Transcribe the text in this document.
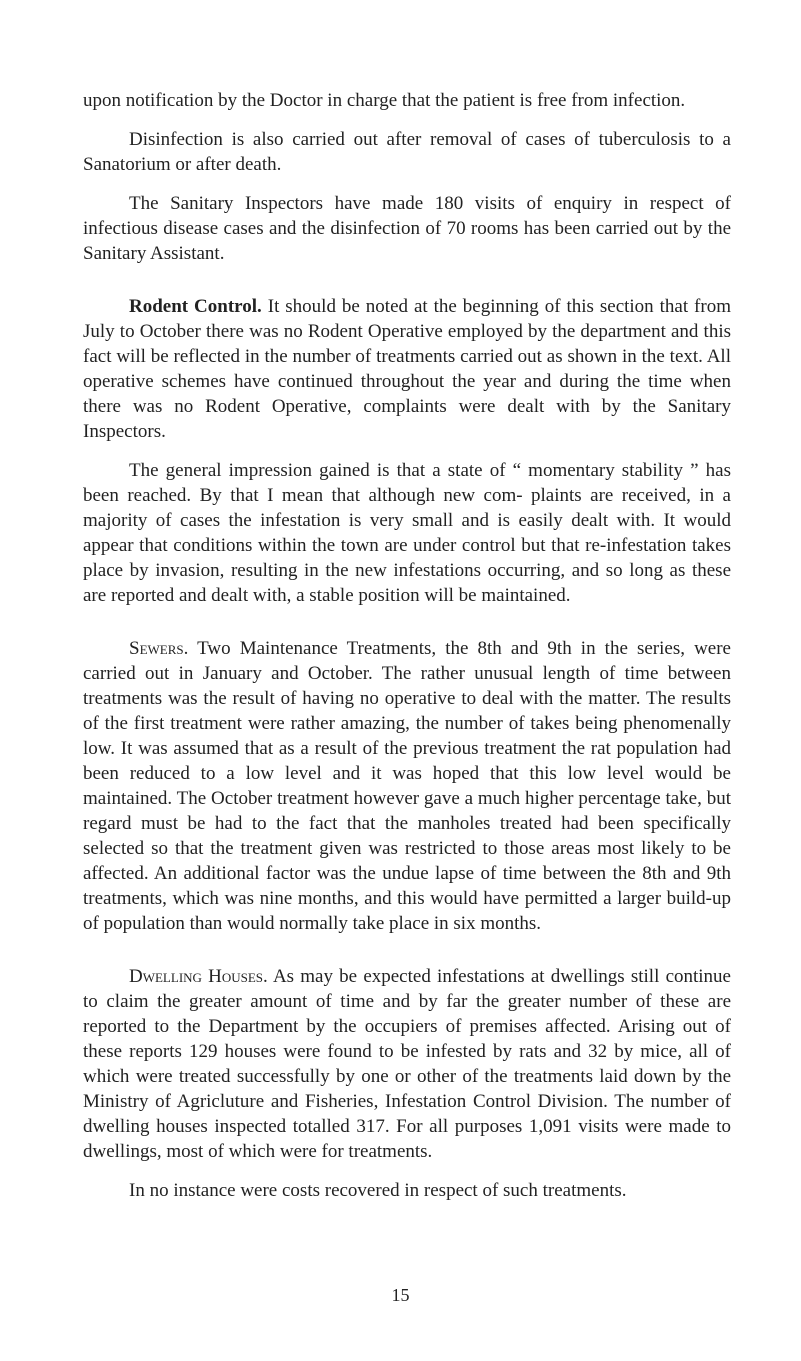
upon notification by the Doctor in charge that the patient is free from infection.

Disinfection is also carried out after removal of cases of tuberculosis to a Sanatorium or after death.

The Sanitary Inspectors have made 180 visits of enquiry in respect of infectious disease cases and the disinfection of 70 rooms has been carried out by the Sanitary Assistant.

Rodent Control. It should be noted at the beginning of this section that from July to October there was no Rodent Operative employed by the department and this fact will be reflected in the number of treatments carried out as shown in the text. All operative schemes have continued throughout the year and during the time when there was no Rodent Operative, complaints were dealt with by the Sanitary Inspectors.

The general impression gained is that a state of “ momentary stability ” has been reached. By that I mean that although new com- plaints are received, in a majority of cases the infestation is very small and is easily dealt with. It would appear that conditions within the town are under control but that re-infestation takes place by invasion, resulting in the new infestations occurring, and so long as these are reported and dealt with, a stable position will be maintained.

Sewers. Two Maintenance Treatments, the 8th and 9th in the series, were carried out in January and October. The rather unusual length of time between treatments was the result of having no operative to deal with the matter. The results of the first treatment were rather amazing, the number of takes being phenomenally low. It was assumed that as a result of the previous treatment the rat population had been reduced to a low level and it was hoped that this low level would be maintained. The October treatment however gave a much higher percentage take, but regard must be had to the fact that the manholes treated had been specifically selected so that the treatment given was restricted to those areas most likely to be affected. An additional factor was the undue lapse of time between the 8th and 9th treatments, which was nine months, and this would have permitted a larger build-up of population than would normally take place in six months.

Dwelling Houses. As may be expected infestations at dwellings still continue to claim the greater amount of time and by far the greater number of these are reported to the Department by the occupiers of premises affected. Arising out of these reports 129 houses were found to be infested by rats and 32 by mice, all of which were treated successfully by one or other of the treatments laid down by the Ministry of Agricluture and Fisheries, Infestation Control Division. The number of dwelling houses inspected totalled 317. For all purposes 1,091 visits were made to dwellings, most of which were for treatments.

In no instance were costs recovered in respect of such treatments.

15
